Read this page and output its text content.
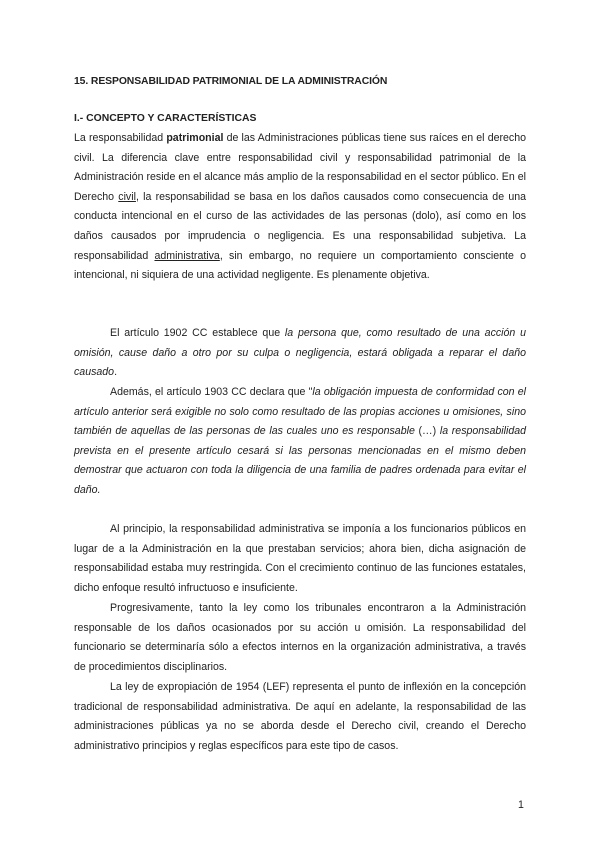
15. RESPONSABILIDAD PATRIMONIAL DE LA ADMINISTRACIÓN
I.- CONCEPTO Y CARACTERÍSTICAS
La responsabilidad patrimonial de las Administraciones públicas tiene sus raíces en el derecho civil. La diferencia clave entre responsabilidad civil y responsabilidad patrimonial de la Administración reside en el alcance más amplio de la responsabilidad en el sector público. En el Derecho civil, la responsabilidad se basa en los daños causados como consecuencia de una conducta intencional en el curso de las actividades de las personas (dolo), así como en los daños causados por imprudencia o negligencia. Es una responsabilidad subjetiva. La responsabilidad administrativa, sin embargo, no requiere un comportamiento consciente o intencional, ni siquiera de una actividad negligente. Es plenamente objetiva.
El artículo 1902 CC establece que la persona que, como resultado de una acción u omisión, cause daño a otro por su culpa o negligencia, estará obligada a reparar el daño causado.
Además, el artículo 1903 CC declara que "la obligación impuesta de conformidad con el artículo anterior será exigible no solo como resultado de las propias acciones u omisiones, sino también de aquellas de las personas de las cuales uno es responsable (…) la responsabilidad prevista en el presente artículo cesará si las personas mencionadas en el mismo deben demostrar que actuaron con toda la diligencia de una familia de padres ordenada para evitar el daño.
Al principio, la responsabilidad administrativa se imponía a los funcionarios públicos en lugar de a la Administración en la que prestaban servicios; ahora bien, dicha asignación de responsabilidad estaba muy restringida. Con el crecimiento continuo de las funciones estatales, dicho enfoque resultó infructuoso e insuficiente.
Progresivamente, tanto la ley como los tribunales encontraron a la Administración responsable de los daños ocasionados por su acción u omisión. La responsabilidad del funcionario se determinaría sólo a efectos internos en la organización administrativa, a través de procedimientos disciplinarios.
La ley de expropiación de 1954 (LEF) representa el punto de inflexión en la concepción tradicional de responsabilidad administrativa. De aquí en adelante, la responsabilidad de las administraciones públicas ya no se aborda desde el Derecho civil, creando el Derecho administrativo principios y reglas específicos para este tipo de casos.
1
